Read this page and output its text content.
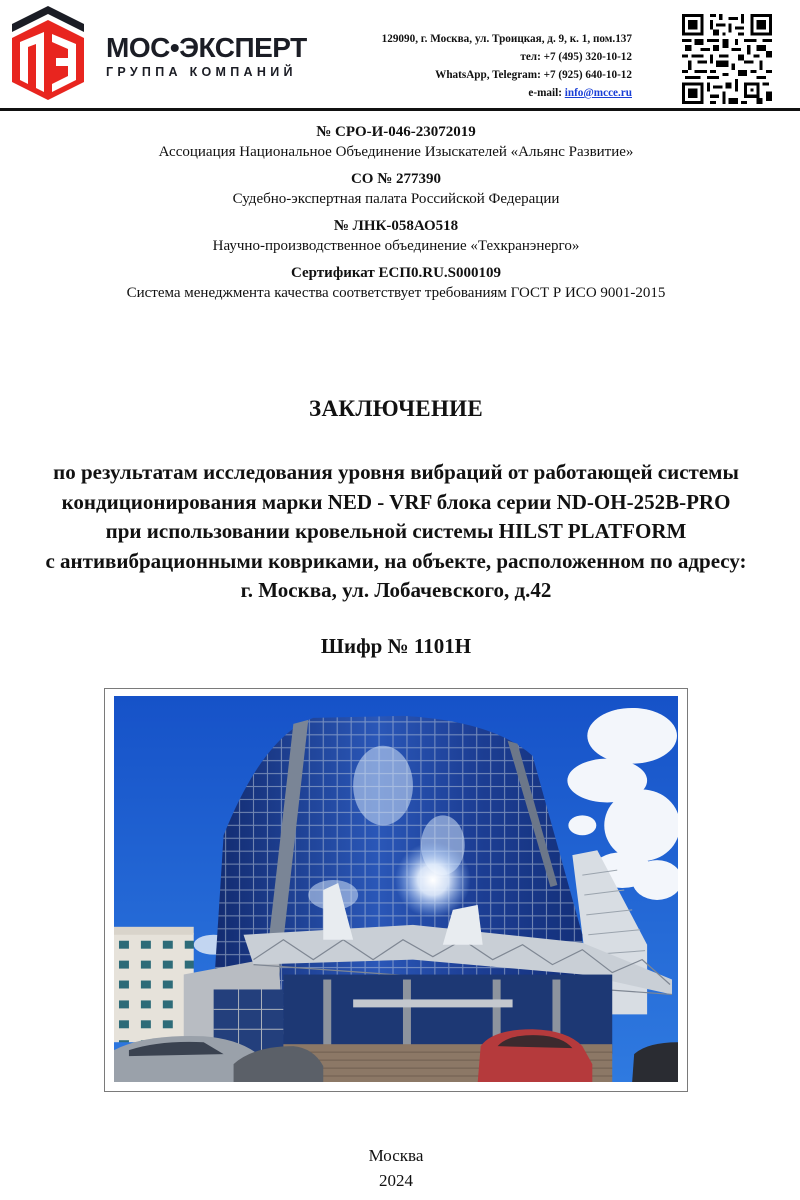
МОС•ЭКСПЕРТ
ГРУППА КОМПАНИЙ
129090, г. Москва, ул. Троицкая, д. 9, к. 1, пом.137
тел: +7 (495) 320-10-12
WhatsApp, Telegram: +7 (925) 640-10-12
e-mail: info@mcce.ru
№ СРО-И-046-23072019
Ассоциация Национальное Объединение Изыскателей «Альянс Развитие»
СО № 277390
Судебно-экспертная палата Российской Федерации
№ ЛНК-058АО518
Научно-производственное объединение «Техкранэнерго»
Сертификат ЕСП0.RU.S000109
Система менеджмента качества соответствует требованиям ГОСТ Р ИСО 9001-2015
ЗАКЛЮЧЕНИЕ
по результатам исследования уровня вибраций от работающей системы
кондиционирования марки NED - VRF блока серии ND-OH-252B-PRO
при использовании кровельной системы HILST PLATFORM
с антивибрационными ковриками, на объекте, расположенном по адресу:
г. Москва, ул. Лобачевского, д.42
Шифр № 1101Н
Москва
2024
